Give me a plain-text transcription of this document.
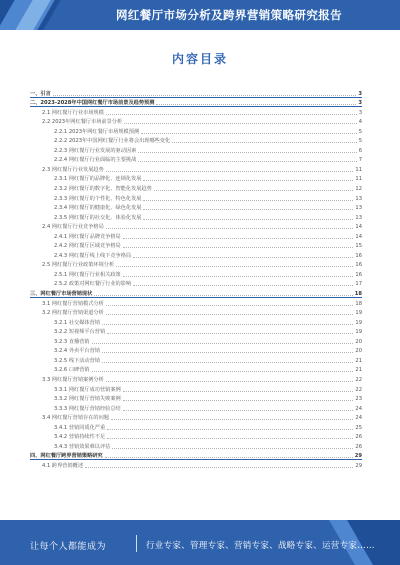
网红餐厅市场分析及跨界营销策略研究报告
内容目录
一、引言	3
二、2023-2028年中国网红餐厅市场前景及趋势预测	3
2.1 网红餐厅行业市场规模	3
2.2 2023年网红餐厅市场前景分析	4
2.2.1 2023年网红餐厅市场规模预测	5
2.2.2 2023年中国网红餐厅行业将会出现哪些变化	5
2.2.3 网红餐厅行业发展的驱动因素	6
2.2.4 网红餐厅行业面临的主要挑战	7
2.3 网红餐厅行业发展趋势	11
2.3.1 网红餐厅的品牌化、连锁化发展	11
2.3.2 网红餐厅的数字化、智能化发展趋势	12
2.3.3 网红餐厅的个性化、特色化发展	13
2.3.4 网红餐厅的健康化、绿色化发展	13
2.3.5 网红餐厅的社交化、体验化发展	13
2.4 网红餐厅行业竞争格局	14
2.4.1 网红餐厅品牌竞争格局	14
2.4.2 网红餐厅区域竞争格局	15
2.4.3 网红餐厅线上线下竞争格局	16
2.5 网红餐厅行业政策环境分析	16
2.5.1 网红餐厅行业相关政策	16
2.5.2 政策对网红餐厅行业的影响	17
三、网红餐厅市场营销现状	18
3.1 网红餐厅营销模式分析	18
3.2 网红餐厅营销渠道分析	19
3.2.1 社交媒体营销	19
3.2.2 短视频平台营销	19
3.2.3 直播营销	20
3.2.4 外卖平台营销	20
3.2.5 线下活动营销	21
3.2.6 口碑营销	21
3.3 网红餐厅营销案例分析	22
3.3.1 网红餐厅成功营销案例	22
3.3.2 网红餐厅营销失败案例	23
3.3.3 网红餐厅营销经验总结	24
3.4 网红餐厅营销存在的问题	24
3.4.1 营销同质化严重	25
3.4.2 营销持续性不足	26
3.4.3 营销效果难以评估	26
四、网红餐厅跨界营销策略研究	29
4.1 跨界营销概述	29
让每个人都能成为	行业专家、管理专家、营销专家、战略专家、运营专家……
